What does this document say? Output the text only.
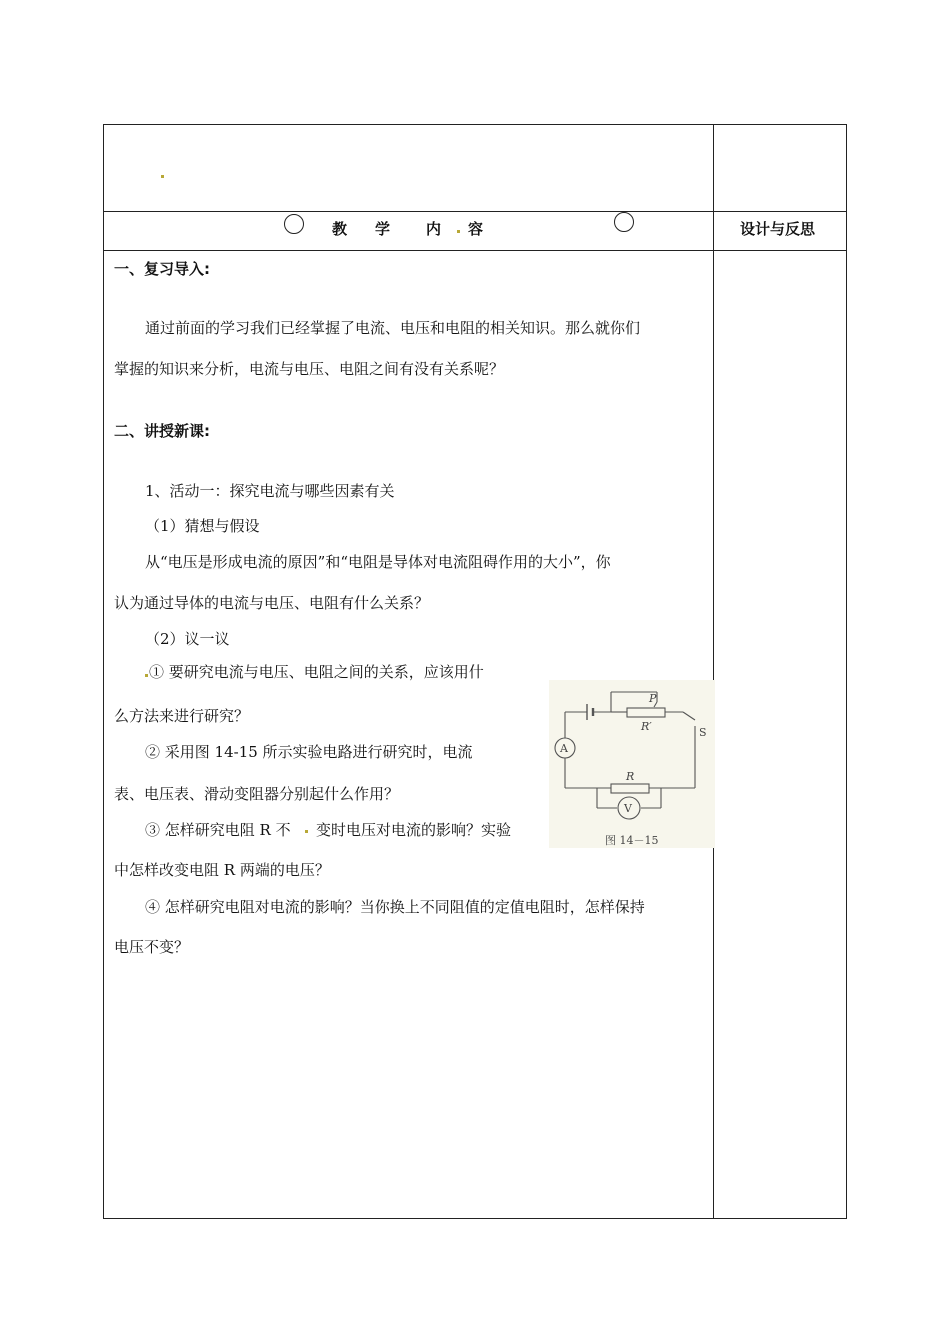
教 学 内 容	设计与反思
一、复习导入:
通过前面的学习我们已经掌握了电流、电压和电阻的相关知识。那么就你们
掌握的知识来分析，电流与电压、电阻之间有没有关系呢？
二、讲授新课:
1、活动一：探究电流与哪些因素有关
（1）猜想与假设
从“电压是形成电流的原因”和“电阻是导体对电流阻碍作用的大小”，你
认为通过导体的电流与电压、电阻有什么关系？
（2）议一议
① 要研究电流与电压、电阻之间的关系，应该用什
么方法来进行研究？
② 采用图 14-15 所示实验电路进行研究时，电流
表、电压表、滑动变阻器分别起什么作用？
③ 怎样研究电阻 R 不 变时电压对电流的影响？实验
中怎样改变电阻 R 两端的电压？
④ 怎样研究电阻对电流的影响？当你换上不同阻值的定值电阻时，怎样保持
电压不变？
P
R′	S
A
R
V
图 14－15
